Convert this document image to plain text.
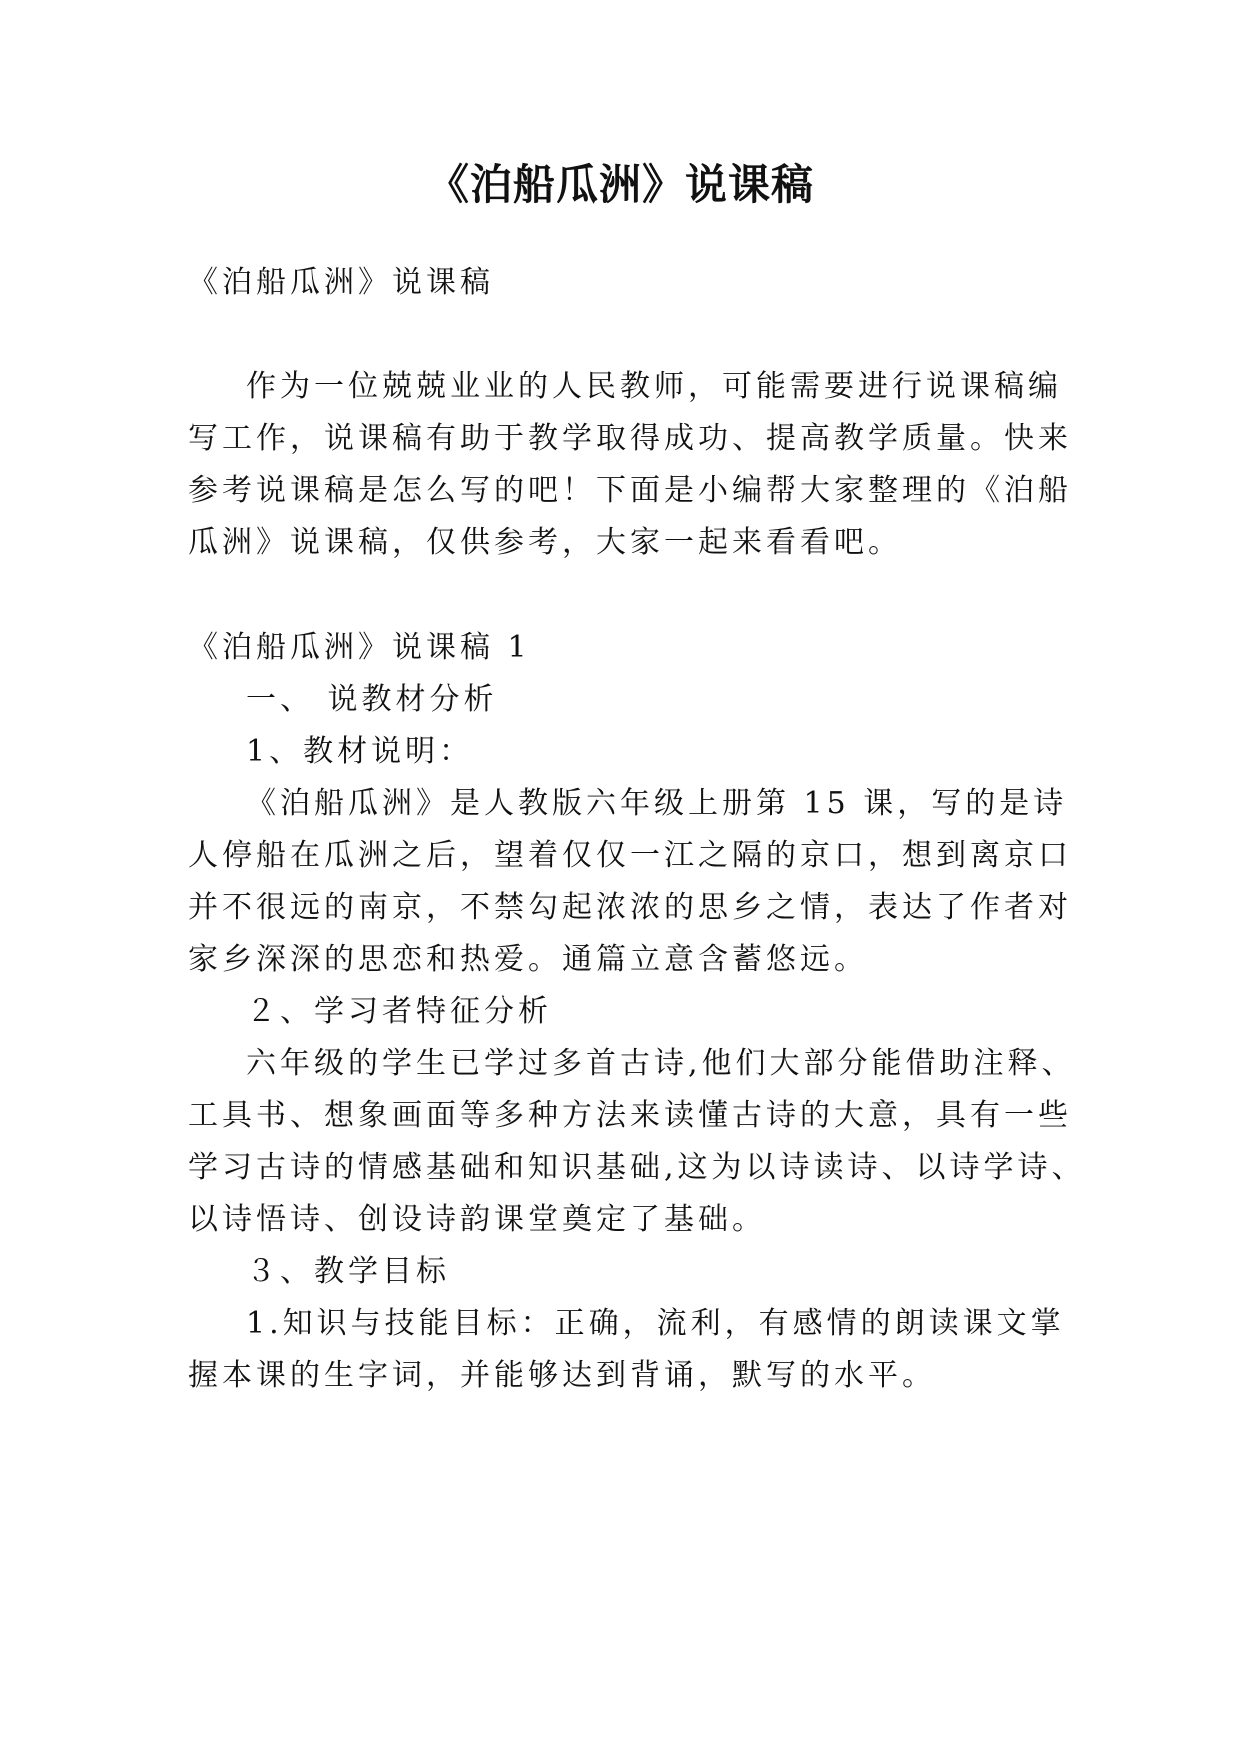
《泊船瓜洲》说课稿
《泊船瓜洲》说课稿
作为一位兢兢业业的人民教师，可能需要进行说课稿编
写工作，说课稿有助于教学取得成功、提高教学质量。快来
参考说课稿是怎么写的吧！下面是小编帮大家整理的《泊船
瓜洲》说课稿，仅供参考，大家一起来看看吧。
《泊船瓜洲》说课稿 1
一、 说教材分析
1、教材说明：
《泊船瓜洲》是人教版六年级上册第 15 课，写的是诗
人停船在瓜洲之后，望着仅仅一江之隔的京口，想到离京口
并不很远的南京，不禁勾起浓浓的思乡之情，表达了作者对
家乡深深的思恋和热爱。通篇立意含蓄悠远。
２、学习者特征分析
六年级的学生已学过多首古诗,他们大部分能借助注释、
工具书、想象画面等多种方法来读懂古诗的大意，具有一些
学习古诗的情感基础和知识基础,这为以诗读诗、以诗学诗、
以诗悟诗、创设诗韵课堂奠定了基础。
３、教学目标
1.知识与技能目标：正确，流利，有感情的朗读课文掌
握本课的生字词，并能够达到背诵，默写的水平。
